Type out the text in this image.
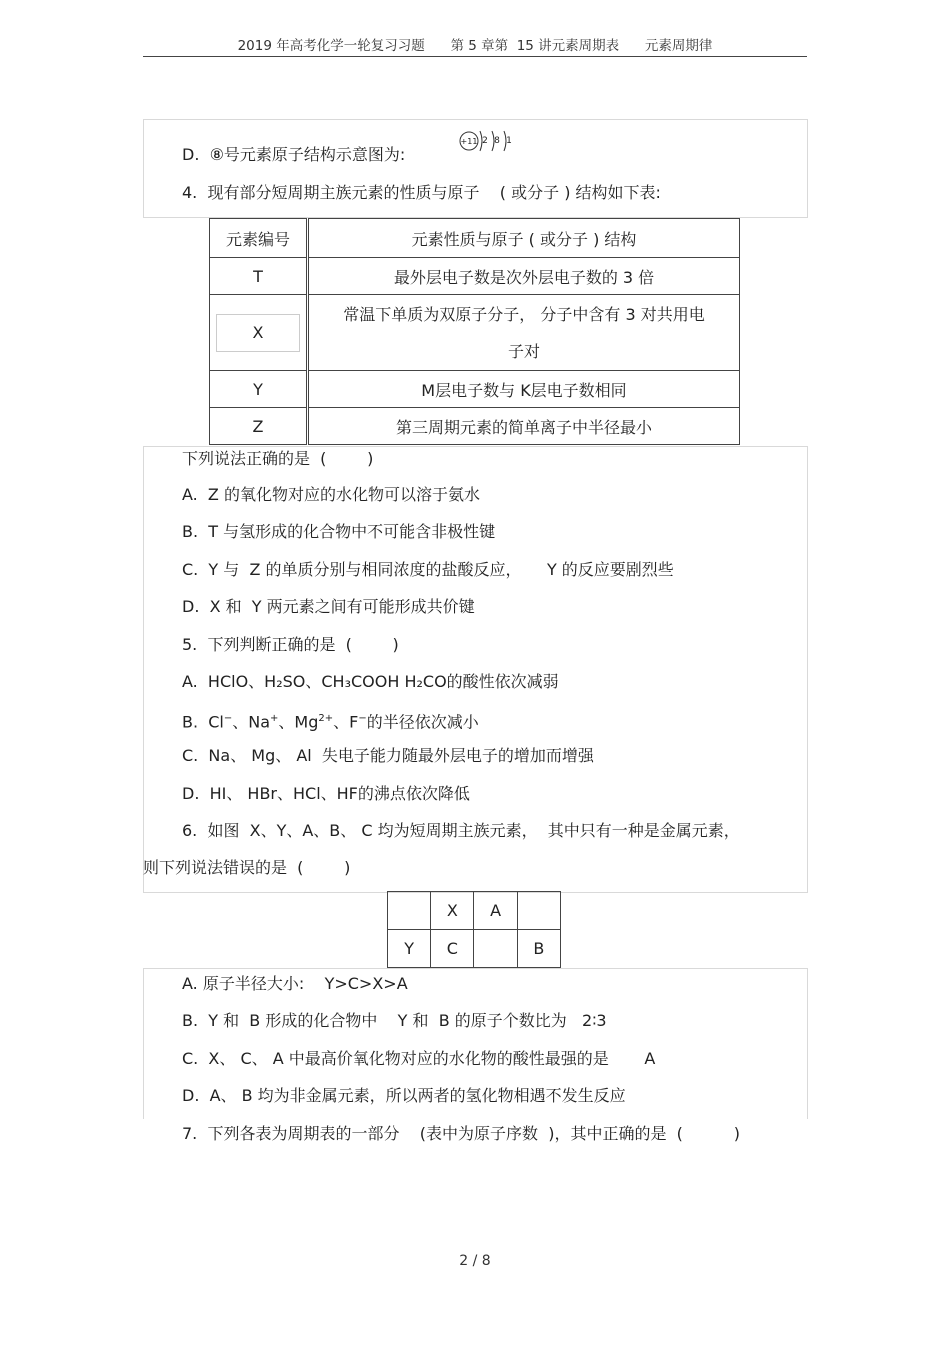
2019 年高考化学一轮复习习题      第 5 章第  15 讲元素周期表      元素周期律
D.  ⑧号元素原子结构示意图为:
+11 2 8 1
4.  现有部分短周期主族元素的性质与原子    ( 或分子 ) 结构如下表:
元素编号	元素性质与原子 ( 或分子 ) 结构
T	最外层电子数是次外层电子数的 3 倍

X	常温下单质为双原子分子， 分子中含有 3 对共用电
子对

Y	M层电子数与 K层电子数相同
Z	第三周期元素的简单离子中半径最小
下列说法正确的是  (        )
A.  Z 的氧化物对应的水化物可以溶于氨水
B.  T 与氢形成的化合物中不可能含非极性键
C.  Y 与  Z 的单质分别与相同浓度的盐酸反应，     Y 的反应要剧烈些
D.  X 和  Y 两元素之间有可能形成共价键
5.  下列判断正确的是  (        )
A.  HClO、H₂SO、CH₃COOH H₂CO的酸性依次减弱
B.  Cl−、Na+、$Mg^{2+}$、F−的半径依次减小
C.  Na、 Mg、 Al  失电子能力随最外层电子的增加而增强
D.  HI、 HBr、HCl、HF的沸点依次降低
6.  如图  X、Y、A、B、 C 均为短周期主族元素，  其中只有一种是金属元素，
则下列说法错误的是  (        )
	X	A	
Y	C		B
A. 原子半径大小:    Y>C>X>A
B.  Y 和  B 形成的化合物中    Y 和  B 的原子个数比为   2∶3
C.  X、 C、 A 中最高价氧化物对应的水化物的酸性最强的是       A
D.  A、 B 均为非金属元素，所以两者的氢化物相遇不发生反应
7.  下列各表为周期表的一部分    (表中为原子序数  )，其中正确的是  (          )
2 / 8
